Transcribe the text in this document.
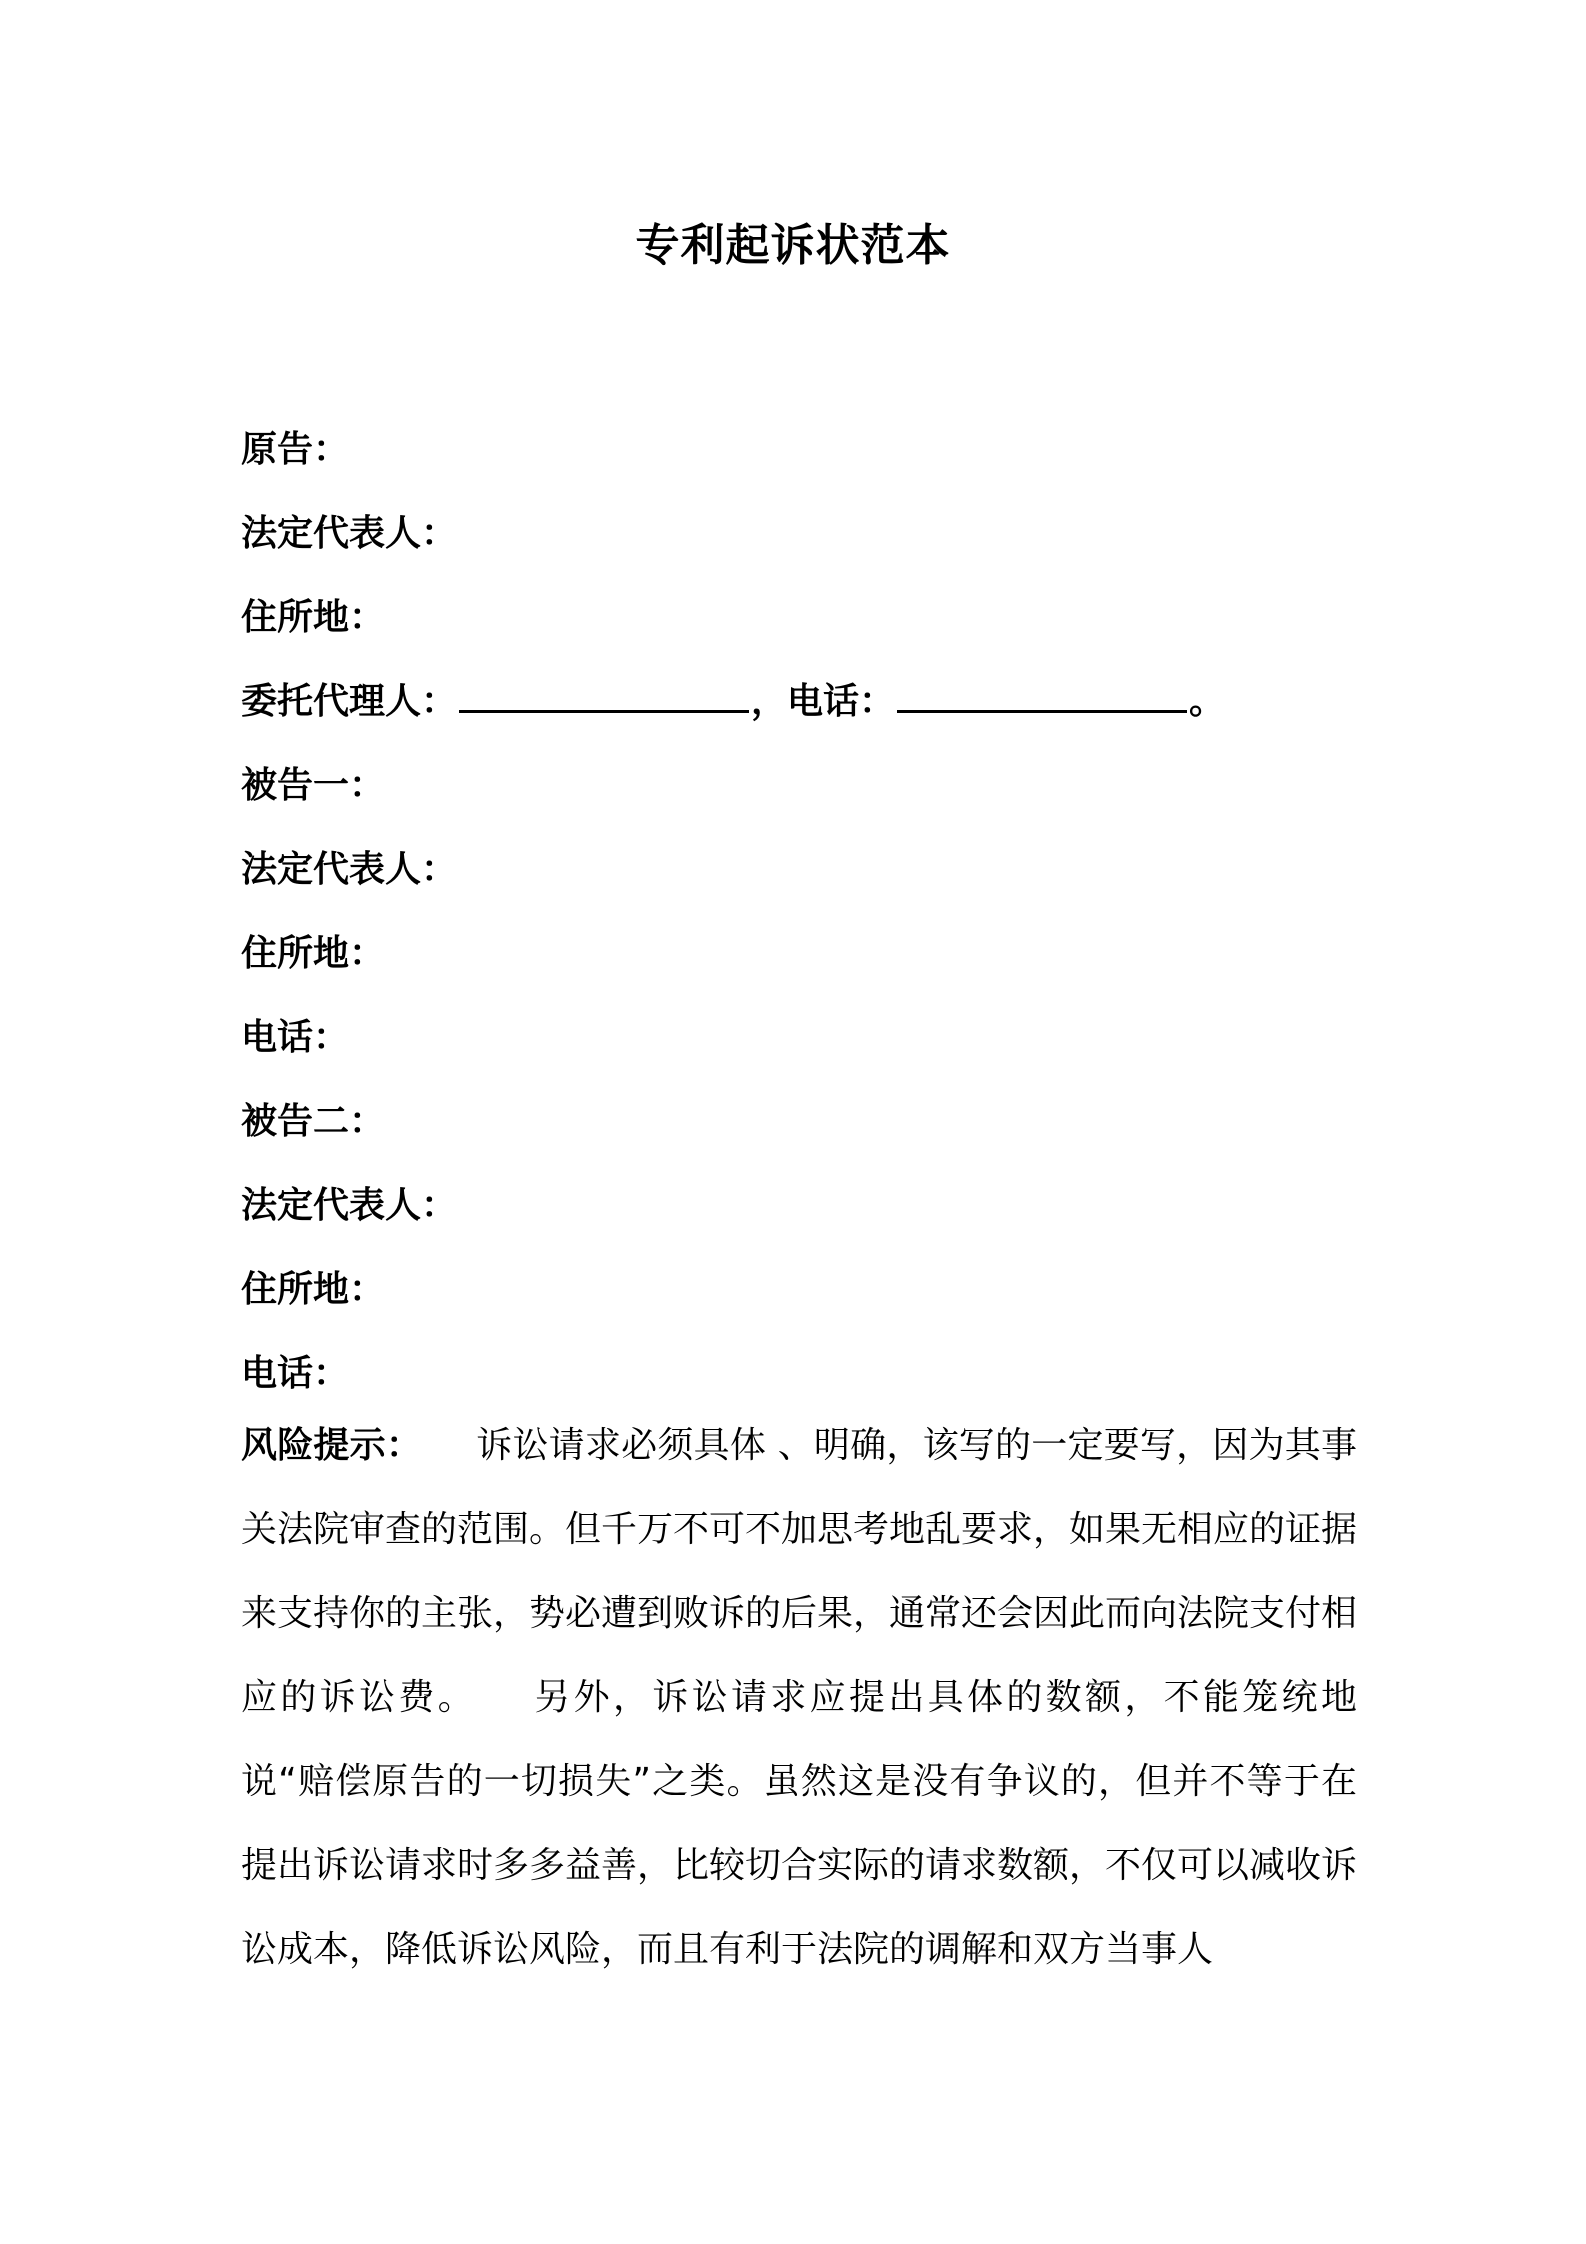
专利起诉状范本
原告：
法定代表人：
住所地：
委托代理人：	，电话：	。
被告一：
法定代表人：
住所地：
电话：
被告二：
法定代表人：
住所地：
电话：
风险提示： 诉讼请求必须具体 、明确，该写的一定要写，因为其事关法院审查的范围。但千万不可不加思考地乱要求，如果无相应的证据来支持你的主张，势必遭到败诉的后果，通常还会因此而向法院支付相应的诉讼费。 另外，诉讼请求应提出具体的数额，不能笼统地说“赔偿原告的一切损失”之类。虽然这是没有争议的，但并不等于在提出诉讼请求时多多益善，比较切合实际的请求数额，不仅可以减收诉讼成本，降低诉讼风险，而且有利于法院的调解和双方当事人
